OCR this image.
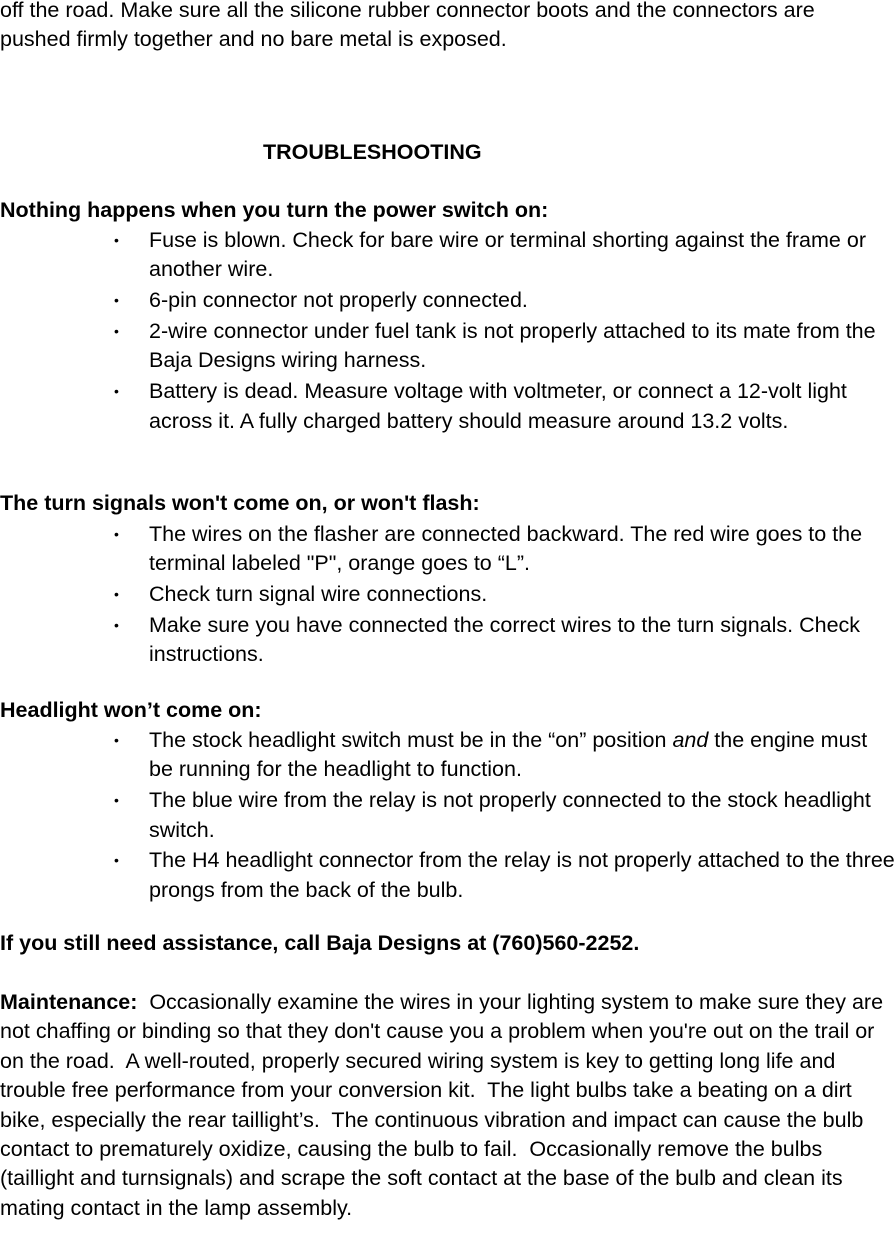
off the road. Make sure all the silicone rubber connector boots and the connectors are pushed firmly together and no bare metal is exposed.

TROUBLESHOOTING

Nothing happens when you turn the power switch on:

• Fuse is blown. Check for bare wire or terminal shorting against the frame or another wire.
• 6-pin connector not properly connected.
• 2-wire connector under fuel tank is not properly attached to its mate from the Baja Designs wiring harness.
• Battery is dead. Measure voltage with voltmeter, or connect a 12-volt light across it. A fully charged battery should measure around 13.2 volts.

The turn signals won't come on, or won't flash:

• The wires on the flasher are connected backward. The red wire goes to the terminal labeled "P", orange goes to “L”.
• Check turn signal wire connections.
• Make sure you have connected the correct wires to the turn signals. Check instructions.

Headlight won’t come on:

• The stock headlight switch must be in the “on” position and the engine must be running for the headlight to function.
• The blue wire from the relay is not properly connected to the stock headlight switch.
• The H4 headlight connector from the relay is not properly attached to the three prongs from the back of the bulb.

If you still need assistance, call Baja Designs at (760)560-2252.

Maintenance:  Occasionally examine the wires in your lighting system to make sure they are not chaffing or binding so that they don't cause you a problem when you're out on the trail or on the road.  A well-routed, properly secured wiring system is key to getting long life and trouble free performance from your conversion kit.  The light bulbs take a beating on a dirt bike, especially the rear taillight’s.  The continuous vibration and impact can cause the bulb contact to prematurely oxidize, causing the bulb to fail.  Occasionally remove the bulbs (taillight and turnsignals) and scrape the soft contact at the base of the bulb and clean its mating contact in the lamp assembly.
